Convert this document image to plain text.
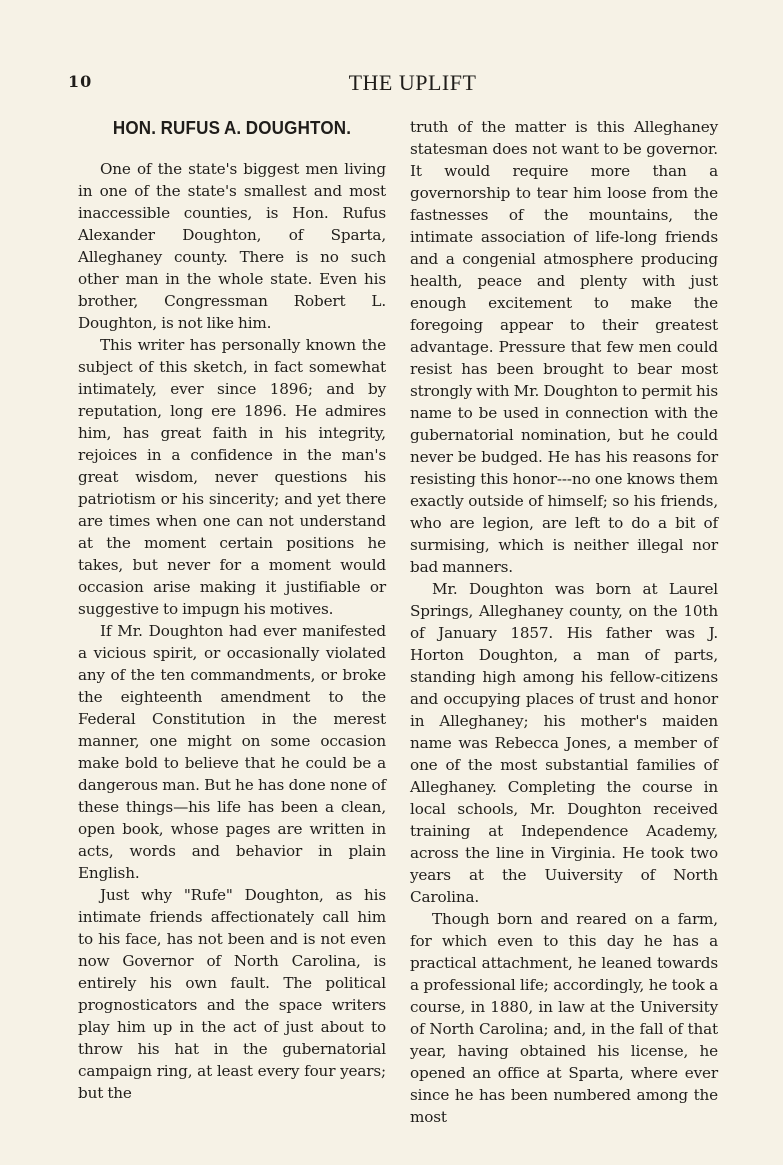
10	THE UPLIFT
HON. RUFUS A. DOUGHTON.

One of the state's biggest men living in one of the state's smallest and most inaccessible counties, is Hon. Rufus Alexander Doughton, of Sparta, Alleghaney county. There is no such other man in the whole state. Even his brother, Congressman Robert L. Doughton, is not like him.

This writer has personally known the subject of this sketch, in fact somewhat intimately, ever since 1896; and by reputation, long ere 1896. He admires him, has great faith in his integrity, rejoices in a confidence in the man's great wisdom, never questions his patriotism or his sincerity; and yet there are times when one can not understand at the moment certain positions he takes, but never for a moment would occasion arise making it justifiable or suggestive to impugn his motives.

If Mr. Doughton had ever manifested a vicious spirit, or occasionally violated any of the ten commandments, or broke the eighteenth amendment to the Federal Constitution in the merest manner, one might on some occasion make bold to believe that he could be a dangerous man. But he has done none of these things—his life has been a clean, open book, whose pages are written in acts, words and behavior in plain English.

Just why "Rufe" Doughton, as his intimate friends affectionately call him to his face, has not been and is not even now Governor of North Carolina, is entirely his own fault. The political prognosticators and the space writers play him up in the act of just about to throw his hat in the gubernatorial campaign ring, at least every four years; but the

truth of the matter is this Alleghaney statesman does not want to be governor. It would require more than a governorship to tear him loose from the fastnesses of the mountains, the intimate association of life-long friends and a congenial atmosphere producing health, peace and plenty with just enough excitement to make the foregoing appear to their greatest advantage. Pressure that few men could resist has been brought to bear most strongly with Mr. Doughton to permit his name to be used in connection with the gubernatorial nomination, but he could never be budged. He has his reasons for resisting this honor---no one knows them exactly outside of himself; so his friends, who are legion, are left to do a bit of surmising, which is neither illegal nor bad manners.

Mr. Doughton was born at Laurel Springs, Alleghaney county, on the 10th of January 1857. His father was J. Horton Doughton, a man of parts, standing high among his fellow-citizens and occupying places of trust and honor in Alleghaney; his mother's maiden name was Rebecca Jones, a member of one of the most substantial families of Alleghaney. Completing the course in local schools, Mr. Doughton received training at Independence Academy, across the line in Virginia. He took two years at the Uuiversity of North Carolina.

Though born and reared on a farm, for which even to this day he has a practical attachment, he leaned towards a professional life; accordingly, he took a course, in 1880, in law at the University of North Carolina; and, in the fall of that year, having obtained his license, he opened an office at Sparta, where ever since he has been numbered among the most
